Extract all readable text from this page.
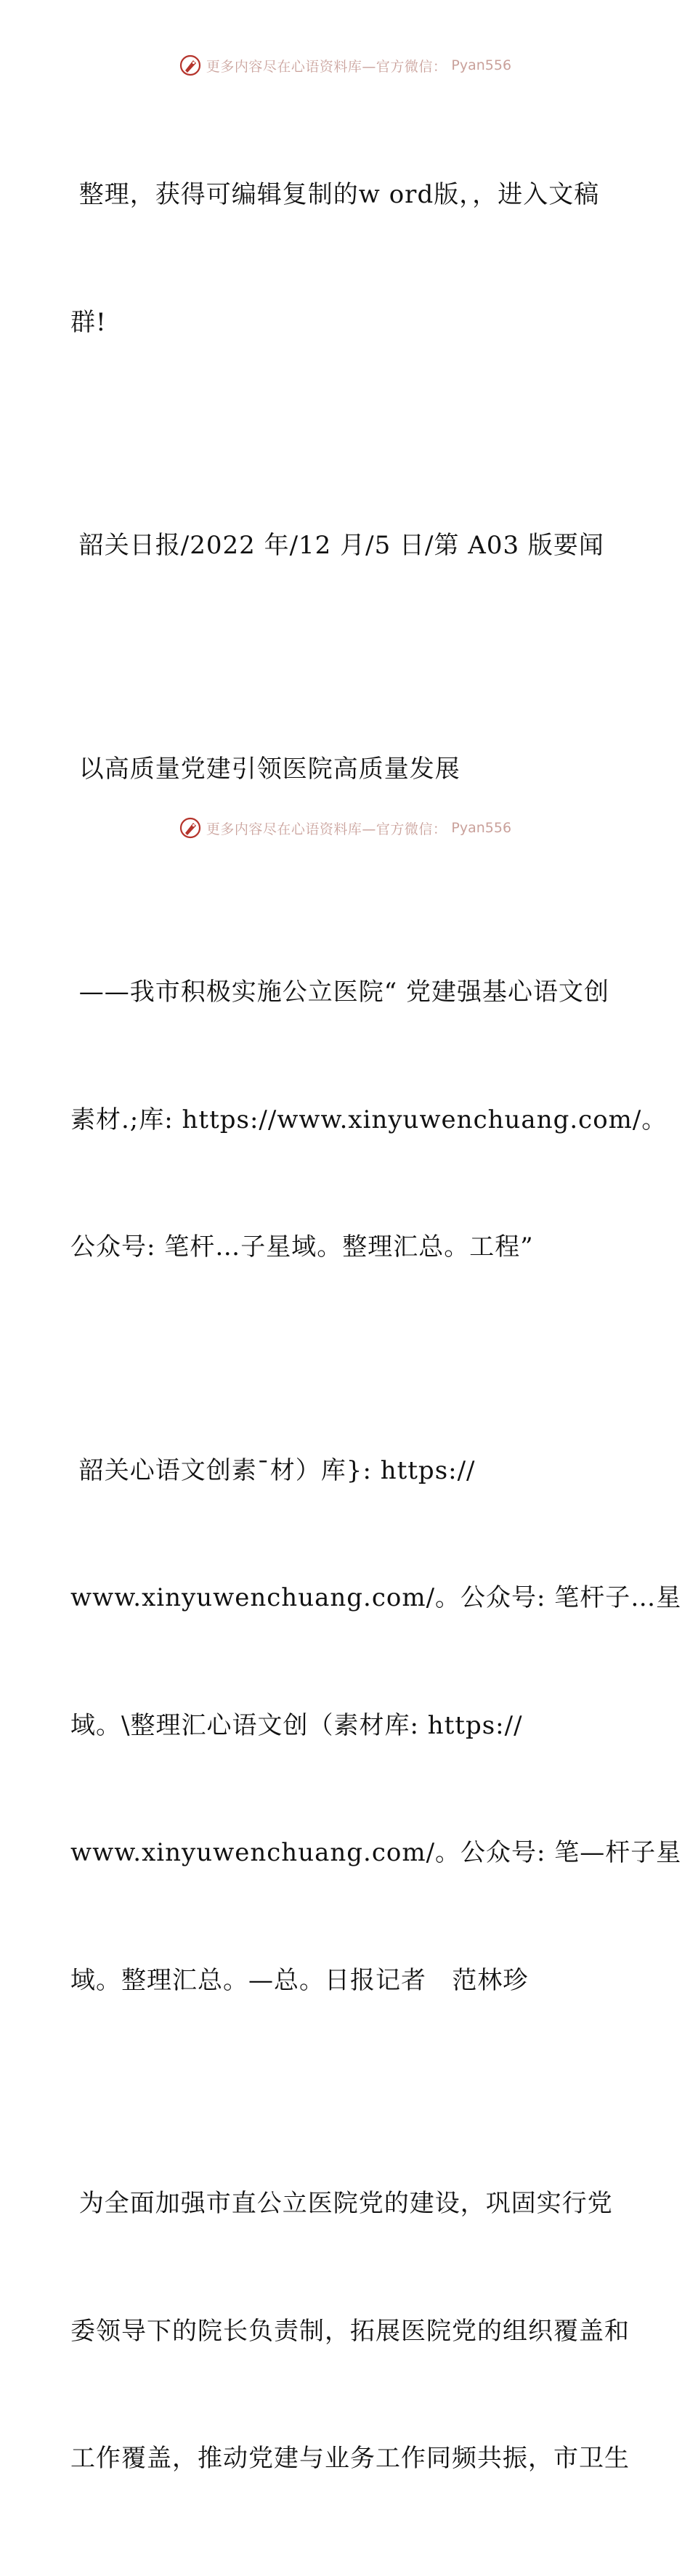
更多内容尽在心语资料库—官方微信： Pyan556

整理，获得可编辑复制的w ord版，，进入文稿

群!

韶关日报/2022 年/12 月/5 日/第 A03 版要闻

以高质量党建引领医院高质量发展

——我市积极实施公立医院“ 党建强基心语文创

素材.;库: https://www.xinyuwenchuang.com/。

公众号: 笔杆…子星域。整理汇总。工程”

韶关心语文创素¯材）库}: https://

www.xinyuwenchuang.com/。公众号: 笔杆子…星

域。\整理汇心语文创（素材库: https://

www.xinyuwenchuang.com/。公众号: 笔—杆子星

域。整理汇总。—总。日报记者   范林珍

为全面加强市直公立医院党的建设，巩固实行党

委领导下的院长负责制，拓展医院党的组织覆盖和

工作覆盖，推动党建与业务工作同频共振，市卫生

更多内容尽在心语资料库—官方微信： Pyan556
